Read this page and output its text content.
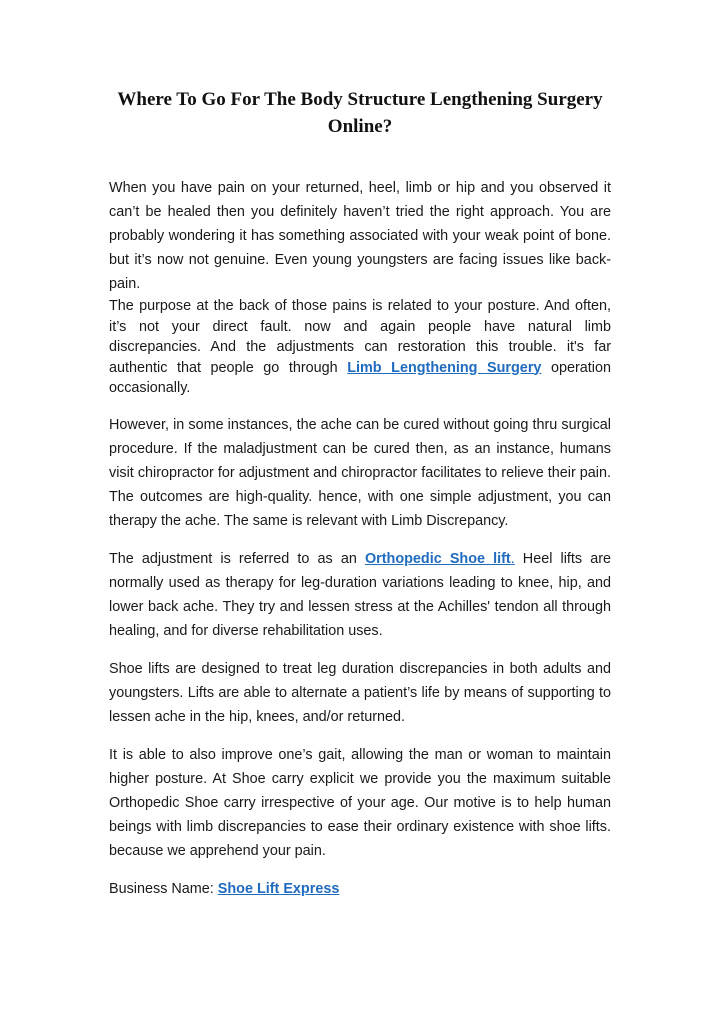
Where To Go For The Body Structure Lengthening Surgery Online?

When you have pain on your returned, heel, limb or hip and you observed it can’t be healed then you definitely haven’t tried the right approach. You are probably wondering it has something associated with your weak point of bone. but it’s now not genuine. Even young youngsters are facing issues like back-pain.

The purpose at the back of those pains is related to your posture. And often, it’s not your direct fault. now and again people have natural limb discrepancies. And the adjustments can restoration this trouble. it's far authentic that people go through Limb Lengthening Surgery operation occasionally.

However, in some instances, the ache can be cured without going thru surgical procedure. If the maladjustment can be cured then, as an instance, humans visit chiropractor for adjustment and chiropractor facilitates to relieve their pain. The outcomes are high-quality. hence, with one simple adjustment, you can therapy the ache. The same is relevant with Limb Discrepancy.

The adjustment is referred to as an Orthopedic Shoe lift. Heel lifts are normally used as therapy for leg-duration variations leading to knee, hip, and lower back ache. They try and lessen stress at the Achilles' tendon all through healing, and for diverse rehabilitation uses.

Shoe lifts are designed to treat leg duration discrepancies in both adults and youngsters. Lifts are able to alternate a patient’s life by means of supporting to lessen ache in the hip, knees, and/or returned.

It is able to also improve one’s gait, allowing the man or woman to maintain higher posture. At Shoe carry explicit we provide you the maximum suitable Orthopedic Shoe carry irrespective of your age. Our motive is to help human beings with limb discrepancies to ease their ordinary existence with shoe lifts. because we apprehend your pain.

Business Name: Shoe Lift Express
